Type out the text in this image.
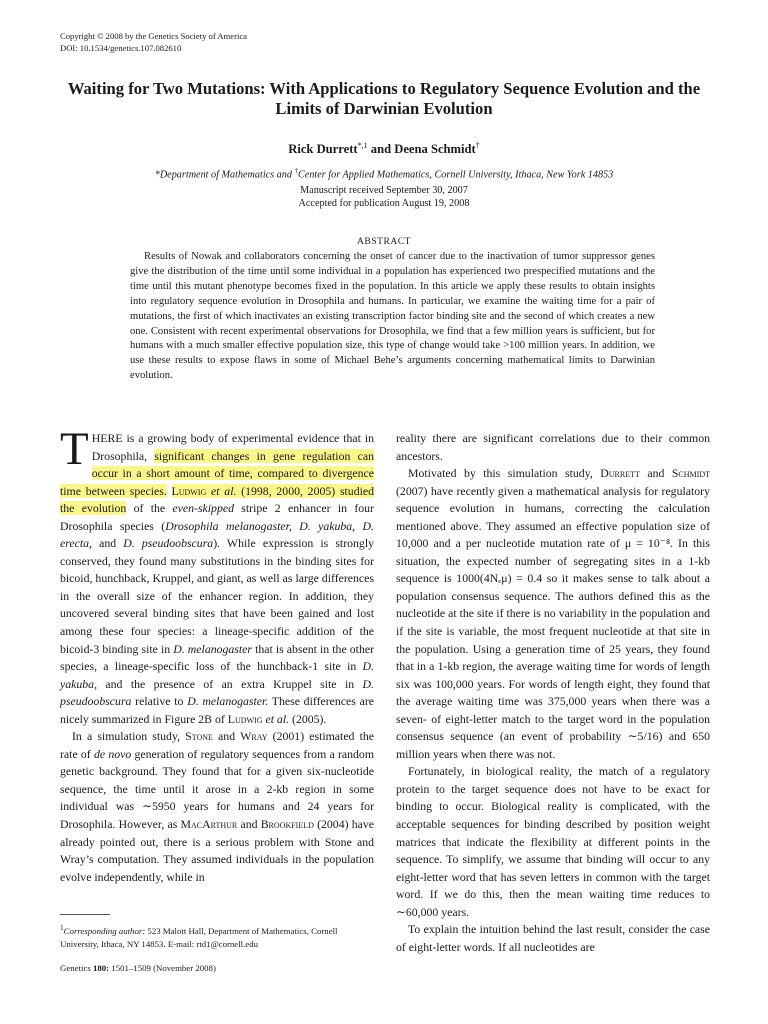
Copyright © 2008 by the Genetics Society of America
DOI: 10.1534/genetics.107.082610
Waiting for Two Mutations: With Applications to Regulatory Sequence Evolution and the Limits of Darwinian Evolution
Rick Durrett$^{*,1}$ and Deena Schmidt†
*Department of Mathematics and †Center for Applied Mathematics, Cornell University, Ithaca, New York 14853
Manuscript received September 30, 2007
Accepted for publication August 19, 2008
ABSTRACT
Results of Nowak and collaborators concerning the onset of cancer due to the inactivation of tumor suppressor genes give the distribution of the time until some individual in a population has experienced two prespecified mutations and the time until this mutant phenotype becomes fixed in the population. In this article we apply these results to obtain insights into regulatory sequence evolution in Drosophila and humans. In particular, we examine the waiting time for a pair of mutations, the first of which inactivates an existing transcription factor binding site and the second of which creates a new one. Consistent with recent experimental observations for Drosophila, we find that a few million years is sufficient, but for humans with a much smaller effective population size, this type of change would take >100 million years. In addition, we use these results to expose flaws in some of Michael Behe’s arguments concerning mathematical limits to Darwinian evolution.

THERE is a growing body of experimental evidence that in Drosophila, significant changes in gene regulation can occur in a short amount of time, compared to divergence time between species. Ludwig et al. (1998, 2000, 2005) studied the evolution of the even-skipped stripe 2 enhancer in four Drosophila species (Drosophila melanogaster, D. yakuba, D. erecta, and D. pseudoobscura). While expression is strongly conserved, they found many substitutions in the binding sites for bicoid, hunchback, Kruppel, and giant, as well as large differences in the overall size of the enhancer region. In addition, they uncovered several binding sites that have been gained and lost among these four species: a lineage-specific addition of the bicoid-3 binding site in D. melanogaster that is absent in the other species, a lineage-specific loss of the hunchback-1 site in D. yakuba, and the presence of an extra Kruppel site in D. pseudoobscura relative to D. melanogaster. These differences are nicely summarized in Figure 2B of Ludwig et al. (2005).

In a simulation study, Stone and Wray (2001) estimated the rate of de novo generation of regulatory sequences from a random genetic background. They found that for a given six-nucleotide sequence, the time until it arose in a 2-kb region in some individual was ∼5950 years for humans and 24 years for Drosophila. However, as MacArthur and Brookfield (2004) have already pointed out, there is a serious problem with Stone and Wray’s computation. They assumed individuals in the population evolve independently, while in

reality there are significant correlations due to their common ancestors.

Motivated by this simulation study, Durrett and Schmidt (2007) have recently given a mathematical analysis for regulatory sequence evolution in humans, correcting the calculation mentioned above. They assumed an effective population size of 10,000 and a per nucleotide mutation rate of μ = 10⁻⁸. In this situation, the expected number of segregating sites in a 1-kb sequence is 1000(4Nₑμ) = 0.4 so it makes sense to talk about a population consensus sequence. The authors defined this as the nucleotide at the site if there is no variability in the population and if the site is variable, the most frequent nucleotide at that site in the population. Using a generation time of 25 years, they found that in a 1-kb region, the average waiting time for words of length six was 100,000 years. For words of length eight, they found that the average waiting time was 375,000 years when there was a seven- of eight-letter match to the target word in the population consensus sequence (an event of probability ∼5/16) and 650 million years when there was not.

Fortunately, in biological reality, the match of a regulatory protein to the target sequence does not have to be exact for binding to occur. Biological reality is complicated, with the acceptable sequences for binding described by position weight matrices that indicate the flexibility at different points in the sequence. To simplify, we assume that binding will occur to any eight-letter word that has seven letters in common with the target word. If we do this, then the mean waiting time reduces to ∼60,000 years.

To explain the intuition behind the last result, consider the case of eight-letter words. If all nucleotides are

$^1$Corresponding author: 523 Malott Hall, Department of Mathematics, Cornell University, Ithaca, NY 14853. E-mail: rtd1@cornell.edu
Genetics 180: 1501–1509 (November 2008)
